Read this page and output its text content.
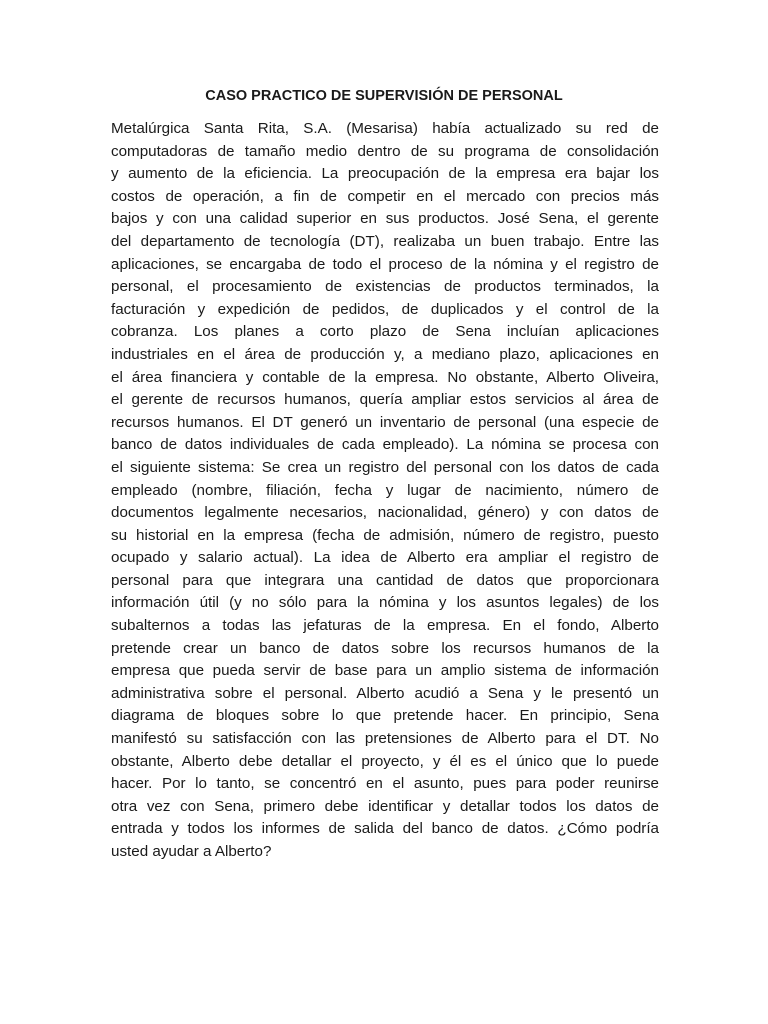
CASO PRACTICO DE SUPERVISIÓN DE PERSONAL
Metalúrgica Santa Rita, S.A. (Mesarisa) había actualizado su red de
computadoras de tamaño medio dentro de su programa de consolidación
y aumento de la eficiencia. La preocupación de la empresa era bajar los
costos de operación, a fin de competir en el mercado con precios más
bajos y con una calidad superior en sus productos. José Sena, el gerente
del departamento de tecnología (DT), realizaba un buen trabajo. Entre las
aplicaciones, se encargaba de todo el proceso de la nómina y el registro de
personal, el procesamiento de existencias de productos terminados, la
facturación y expedición de pedidos, de duplicados y el control de la
cobranza. Los planes a corto plazo de Sena incluían aplicaciones
industriales en el área de producción y, a mediano plazo, aplicaciones en
el área financiera y contable de la empresa. No obstante, Alberto Oliveira,
el gerente de recursos humanos, quería ampliar estos servicios al área de
recursos humanos. El DT generó un inventario de personal (una especie de
banco de datos individuales de cada empleado). La nómina se procesa con
el siguiente sistema: Se crea un registro del personal con los datos de cada
empleado (nombre, filiación, fecha y lugar de nacimiento, número de
documentos legalmente necesarios, nacionalidad, género) y con datos de
su historial en la empresa (fecha de admisión, número de registro, puesto
ocupado y salario actual). La idea de Alberto era ampliar el registro de
personal para que integrara una cantidad de datos que proporcionara
información útil (y no sólo para la nómina y los asuntos legales) de los
subalternos a todas las jefaturas de la empresa. En el fondo, Alberto
pretende crear un banco de datos sobre los recursos humanos de la
empresa que pueda servir de base para un amplio sistema de información
administrativa sobre el personal. Alberto acudió a Sena y le presentó un
diagrama de bloques sobre lo que pretende hacer. En principio, Sena
manifestó su satisfacción con las pretensiones de Alberto para el DT. No
obstante, Alberto debe detallar el proyecto, y él es el único que lo puede
hacer. Por lo tanto, se concentró en el asunto, pues para poder reunirse
otra vez con Sena, primero debe identificar y detallar todos los datos de
entrada y todos los informes de salida del banco de datos. ¿Cómo podría
usted ayudar a Alberto?
